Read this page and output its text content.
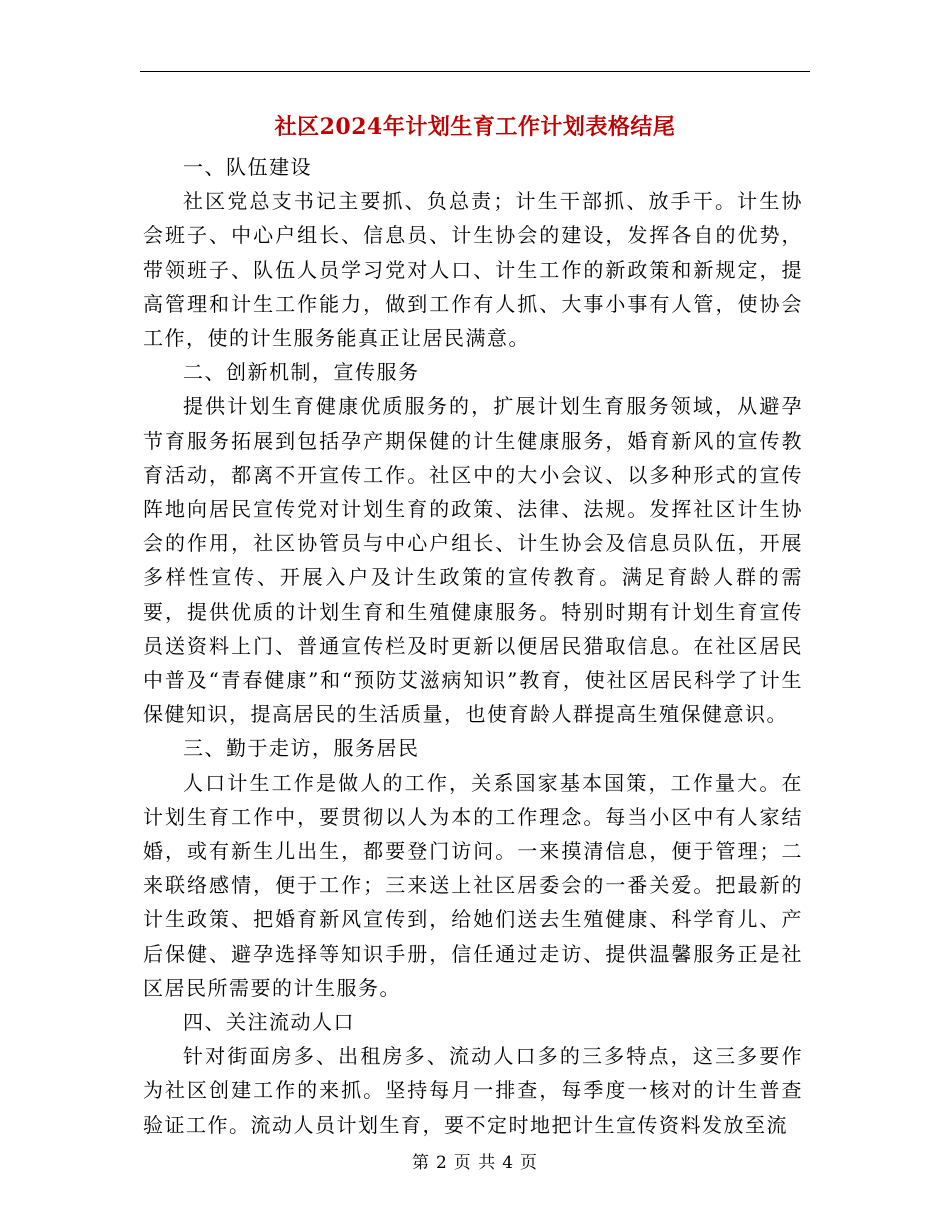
社区2024年计划生育工作计划表格结尾

一、队伍建设

社区党总支书记主要抓、负总责；计生干部抓、放手干。计生协会班子、中心户组长、信息员、计生协会的建设，发挥各自的优势，带领班子、队伍人员学习党对人口、计生工作的新政策和新规定，提高管理和计生工作能力，做到工作有人抓、大事小事有人管，使协会工作，使的计生服务能真正让居民满意。

二、创新机制，宣传服务

提供计划生育健康优质服务的，扩展计划生育服务领域，从避孕节育服务拓展到包括孕产期保健的计生健康服务，婚育新风的宣传教育活动，都离不开宣传工作。社区中的大小会议、以多种形式的宣传阵地向居民宣传党对计划生育的政策、法律、法规。发挥社区计生协会的作用，社区协管员与中心户组长、计生协会及信息员队伍，开展多样性宣传、开展入户及计生政策的宣传教育。满足育龄人群的需要，提供优质的计划生育和生殖健康服务。特别时期有计划生育宣传员送资料上门、普通宣传栏及时更新以便居民猎取信息。在社区居民中普及“青春健康”和“预防艾滋病知识”教育，使社区居民科学了计生保健知识，提高居民的生活质量，也使育龄人群提高生殖保健意识。

三、勤于走访，服务居民

人口计生工作是做人的工作，关系国家基本国策，工作量大。在计划生育工作中，要贯彻以人为本的工作理念。每当小区中有人家结婚，或有新生儿出生，都要登门访问。一来摸清信息，便于管理；二来联络感情，便于工作；三来送上社区居委会的一番关爱。把最新的计生政策、把婚育新风宣传到，给她们送去生殖健康、科学育儿、产后保健、避孕选择等知识手册，信任通过走访、提供温馨服务正是社区居民所需要的计生服务。

四、关注流动人口

针对街面房多、出租房多、流动人口多的三多特点，这三多要作为社区创建工作的来抓。坚持每月一排查，每季度一核对的计生普查验证工作。流动人员计划生育，要不定时地把计生宣传资料发放至流

第 2 页 共 4 页
